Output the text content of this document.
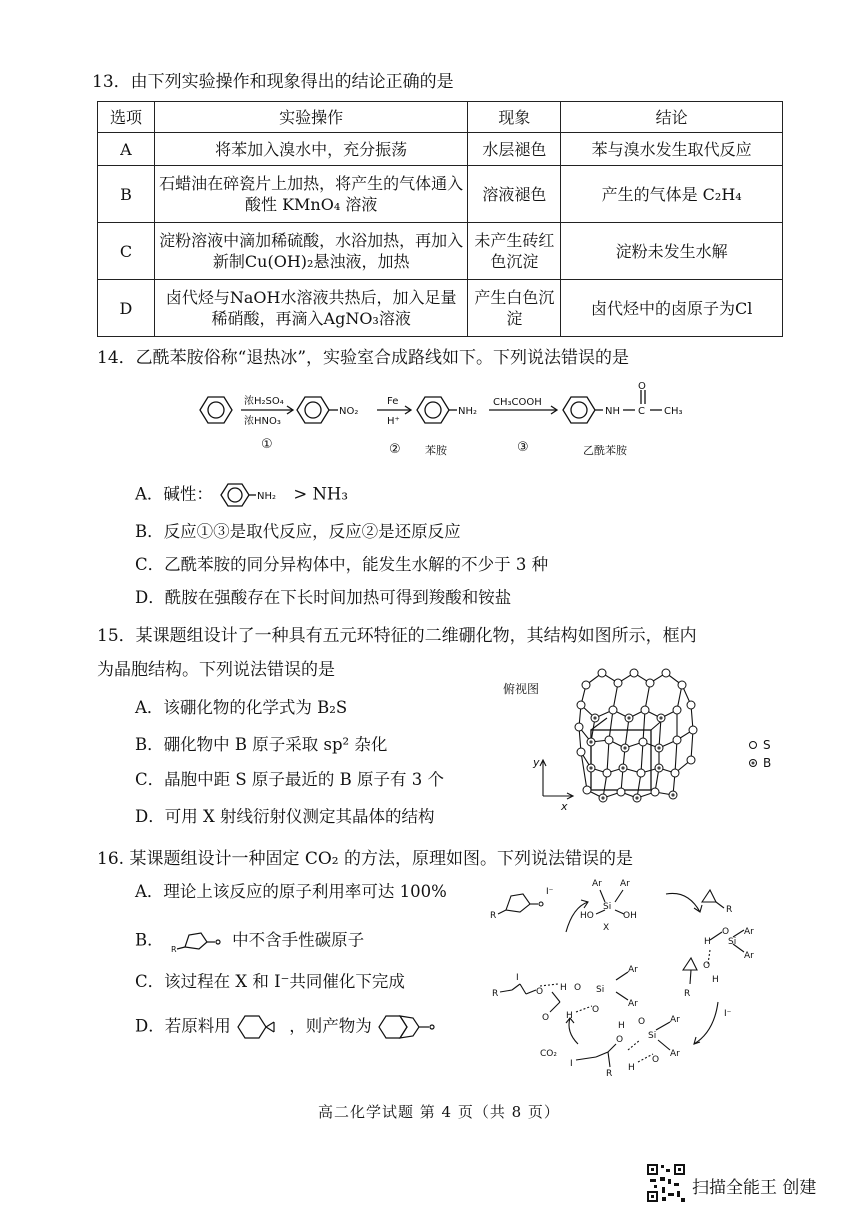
13．由下列实验操作和现象得出的结论正确的是
选项	实验操作	现象	结论
A	将苯加入溴水中，充分振荡	水层褪色	苯与溴水发生取代反应
B	石蜡油在碎瓷片上加热，将产生的气体通入酸性 KMnO₄ 溶液	溶液褪色	产生的气体是 C₂H₄
C	淀粉溶液中滴加稀硫酸，水浴加热，再加入新制Cu(OH)₂悬浊液，加热	未产生砖红色沉淀	淀粉未发生水解
D	卤代烃与NaOH水溶液共热后，加入足量稀硝酸，再滴入AgNO₃溶液	产生白色沉淀	卤代烃中的卤原子为Cl
14．乙酰苯胺俗称“退热冰”，实验室合成路线如下。下列说法错误的是
浓H₂SO₄
浓HNO₃
①
NO₂
Fe
H⁺
②
NH₂
苯胺
CH₃COOH
③
NH C
O
CH₃
乙酰苯胺
A．碱性：	NH₂ > NH₃
B．反应①③是取代反应，反应②是还原反应
C．乙酰苯胺的同分异构体中，能发生水解的不少于 3 种
D．酰胺在强酸存在下长时间加热可得到羧酸和铵盐
15．某课题组设计了一种具有五元环特征的二维硼化物，其结构如图所示，框内
为晶胞结构。下列说法错误的是
A．该硼化物的化学式为 B₂S
B．硼化物中 B 原子采取 sp² 杂化
C．晶胞中距 S 原子最近的 B 原子有 3 个
D．可用 X 射线衍射仪测定其晶体的结构
俯视图
y
x
S
B
16. 某课题组设计一种固定 CO₂ 的方法，原理如图。下列说法错误的是
A．理论上该反应的原子利用率可达 100%
B． R	中不含手性碳原子
C．该过程在 X 和 I⁻共同催化下完成
D．若原料用	，则产物为
I⁻
R
Ar Ar
Si
HO	OH
X
R
H
O
Si
Ar
Ar
O
H
R
I⁻
I
R	O H O Si
Ar
Ar
O H
O
CO₂
O
H O
Si
Ar
Ar
O
H
I
R
高二化学试题 第 4 页（共 8 页）
扫描全能王 创建
